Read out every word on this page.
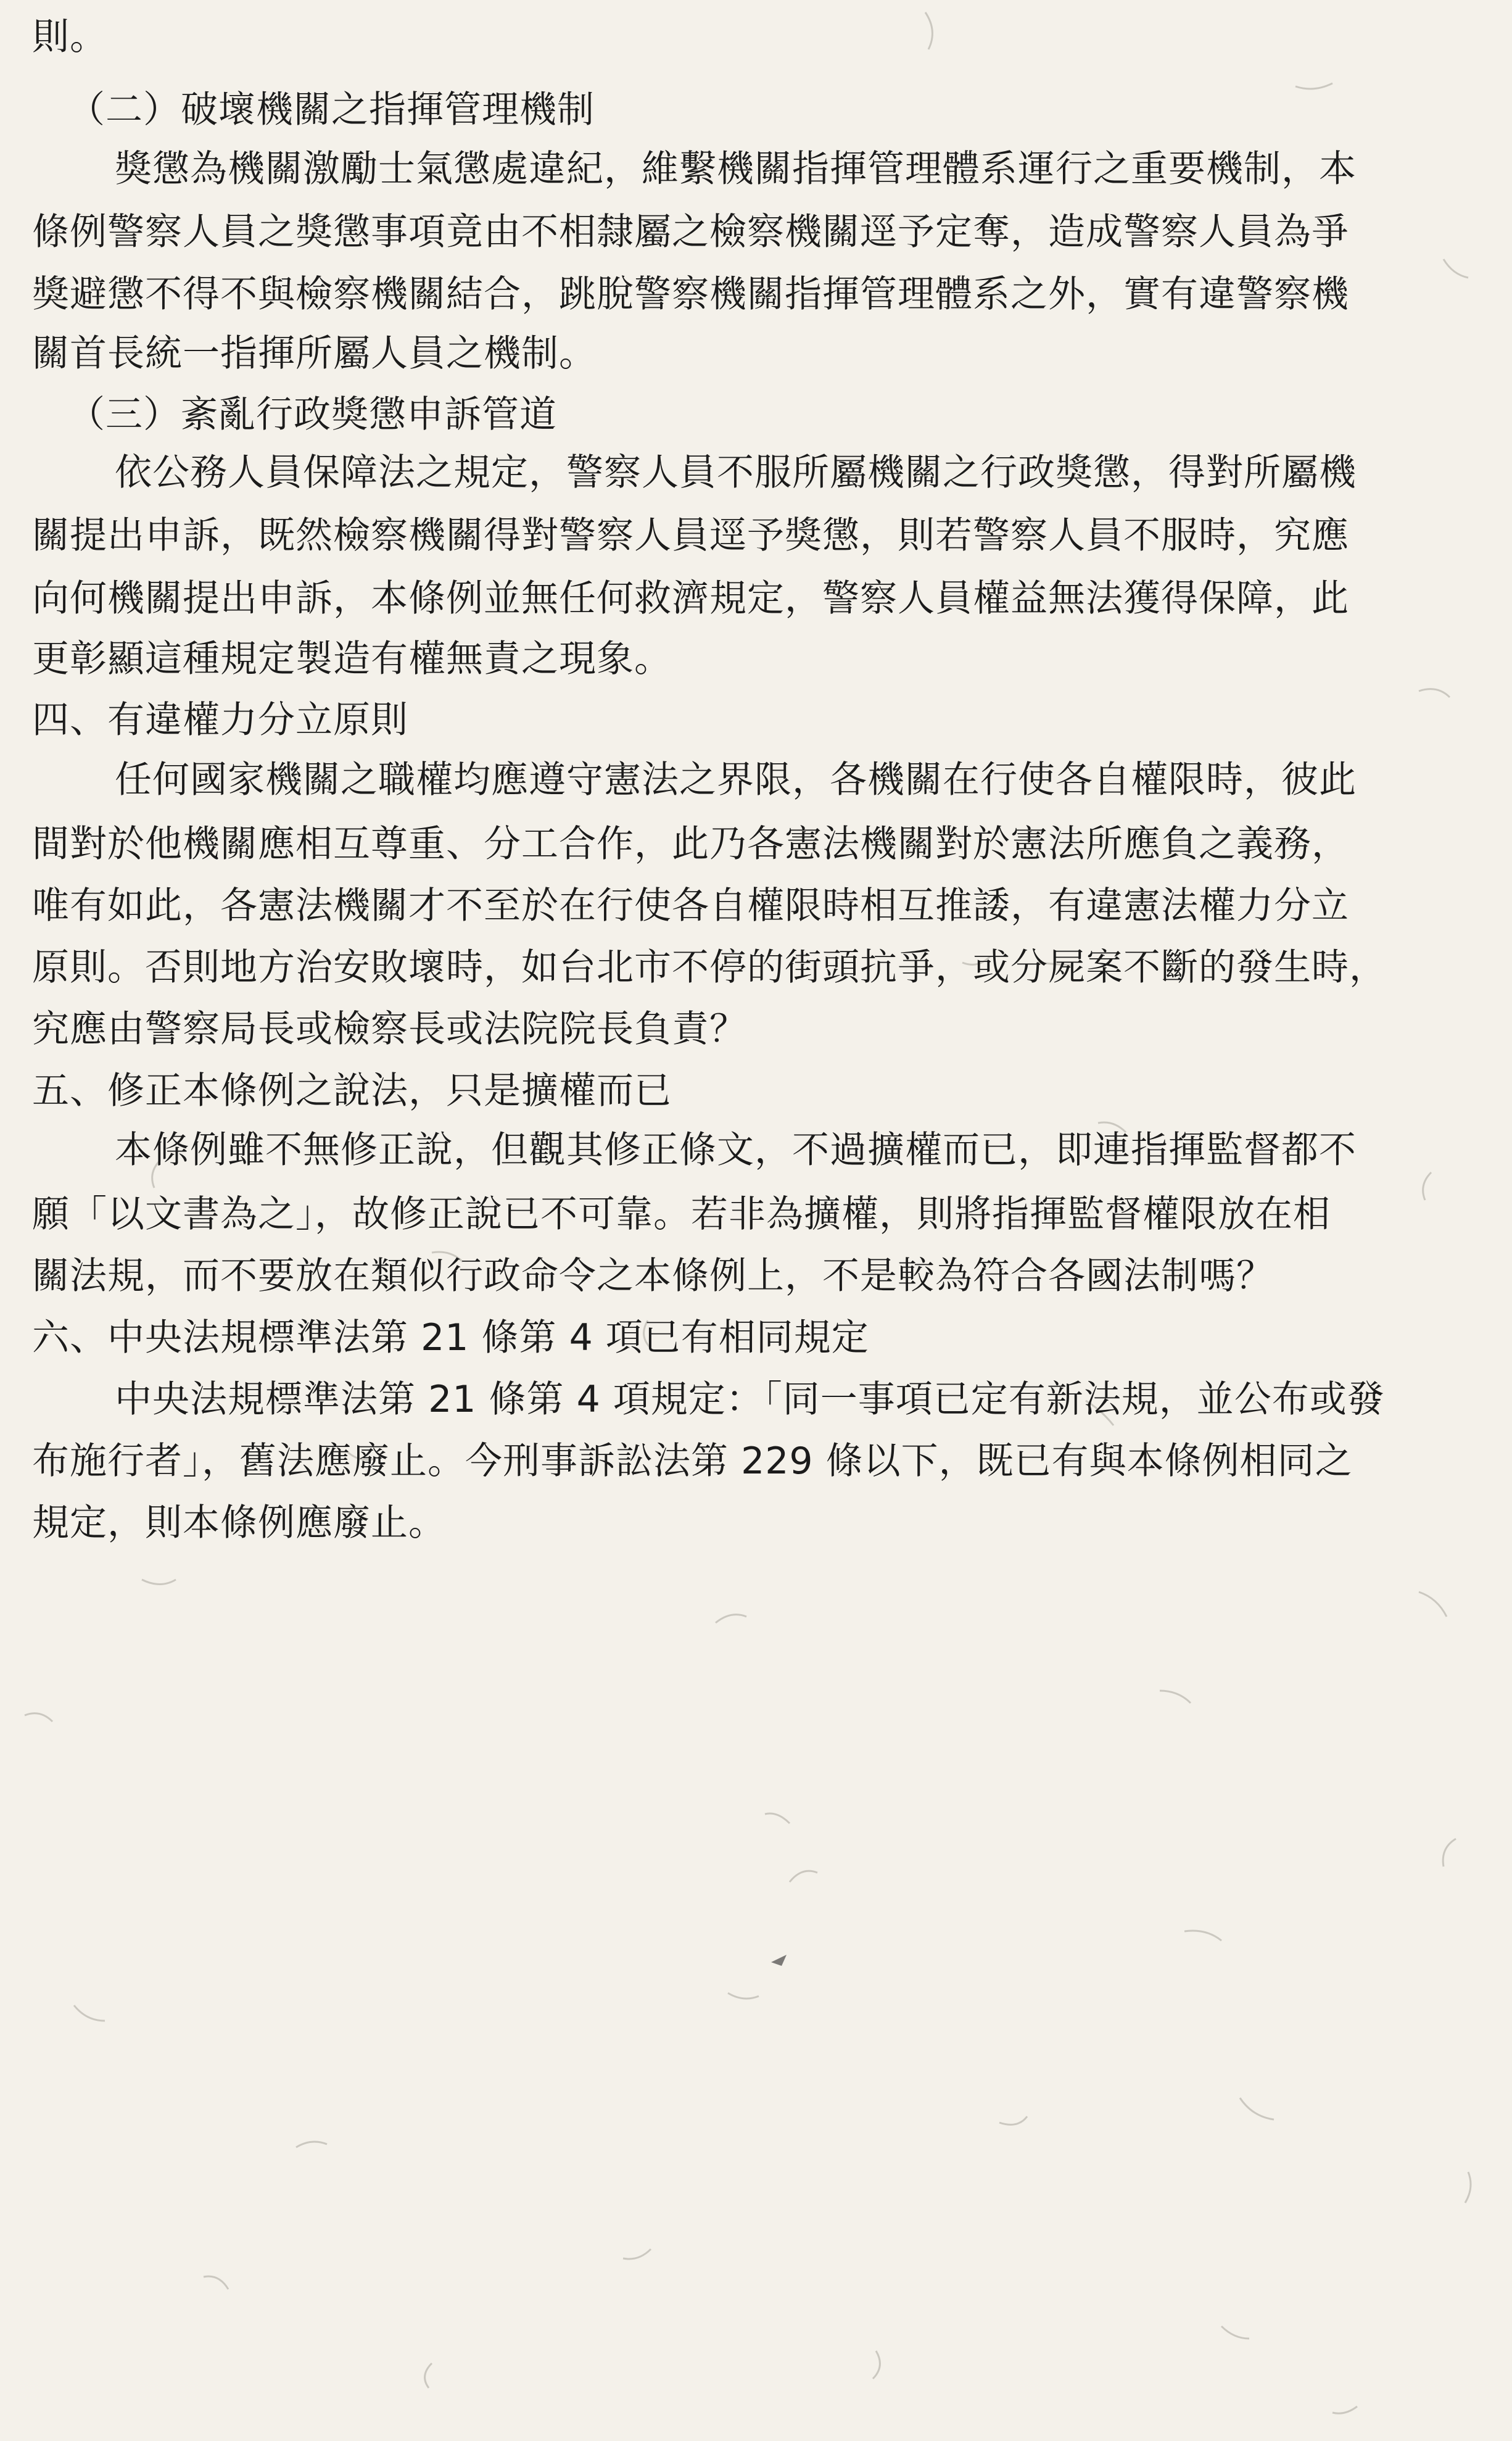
則。
（二）破壞機關之指揮管理機制
獎懲為機關激勵士氣懲處違紀，維繫機關指揮管理體系運行之重要機制，本
條例警察人員之獎懲事項竟由不相隸屬之檢察機關逕予定奪，造成警察人員為爭
獎避懲不得不與檢察機關結合，跳脫警察機關指揮管理體系之外，實有違警察機
關首長統一指揮所屬人員之機制。
（三）紊亂行政獎懲申訴管道
依公務人員保障法之規定，警察人員不服所屬機關之行政獎懲，得對所屬機
關提出申訴，既然檢察機關得對警察人員逕予獎懲，則若警察人員不服時，究應
向何機關提出申訴，本條例並無任何救濟規定，警察人員權益無法獲得保障，此
更彰顯這種規定製造有權無責之現象。
四、有違權力分立原則
任何國家機關之職權均應遵守憲法之界限，各機關在行使各自權限時，彼此
間對於他機關應相互尊重、分工合作，此乃各憲法機關對於憲法所應負之義務，
唯有如此，各憲法機關才不至於在行使各自權限時相互推諉，有違憲法權力分立
原則。否則地方治安敗壞時，如台北市不停的街頭抗爭，或分屍案不斷的發生時，
究應由警察局長或檢察長或法院院長負責？
五、修正本條例之說法，只是擴權而已
本條例雖不無修正說，但觀其修正條文，不過擴權而已，即連指揮監督都不
願「以文書為之」，故修正說已不可靠。若非為擴權，則將指揮監督權限放在相
關法規，而不要放在類似行政命令之本條例上，不是較為符合各國法制嗎？
六、中央法規標準法第 21 條第 4 項已有相同規定
中央法規標準法第 21 條第 4 項規定：「同一事項已定有新法規，並公布或發
布施行者」，舊法應廢止。今刑事訴訟法第 229 條以下，既已有與本條例相同之
規定，則本條例應廢止。
